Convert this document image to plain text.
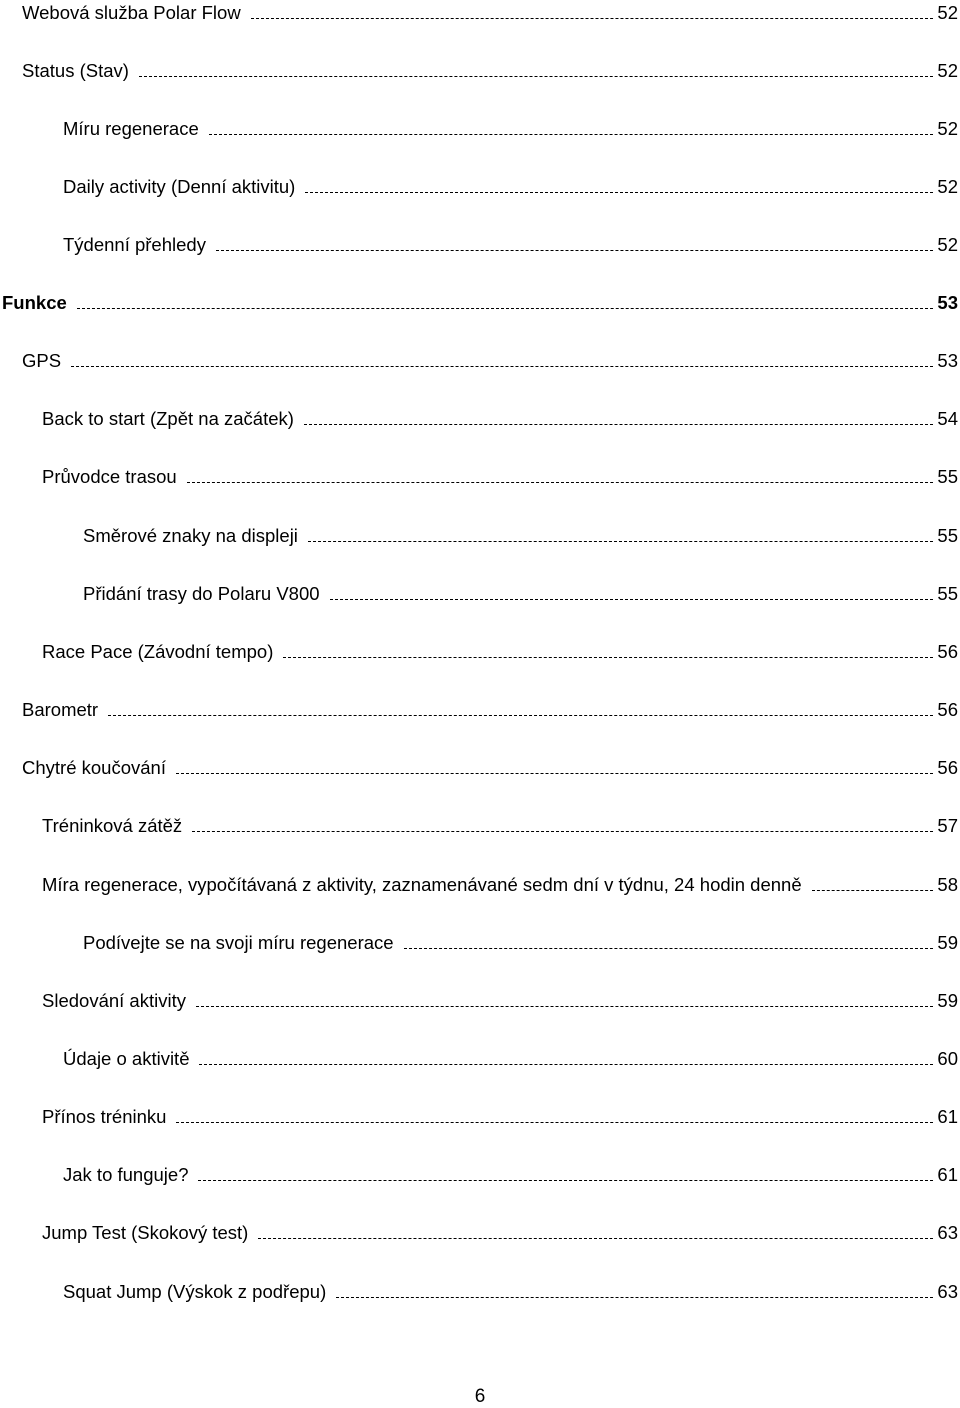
Webová služba Polar Flow	52
Status (Stav)	52
Míru regenerace	52
Daily activity (Denní aktivitu)	52
Týdenní přehledy	52
Funkce	53
GPS	53
Back to start (Zpět na začátek)	54
Průvodce trasou	55
Směrové znaky na displeji	55
Přidání trasy do Polaru V800	55
Race Pace (Závodní tempo)	56
Barometr	56
Chytré koučování	56
Tréninková zátěž	57
Míra regenerace, vypočítávaná z aktivity, zaznamenávané sedm dní v týdnu, 24 hodin denně	58
Podívejte se na svoji míru regenerace	59
Sledování aktivity	59
Údaje o aktivitě	60
Přínos tréninku	61
Jak to funguje?	61
Jump Test (Skokový test)	63
Squat Jump (Výskok z podřepu)	63
6
